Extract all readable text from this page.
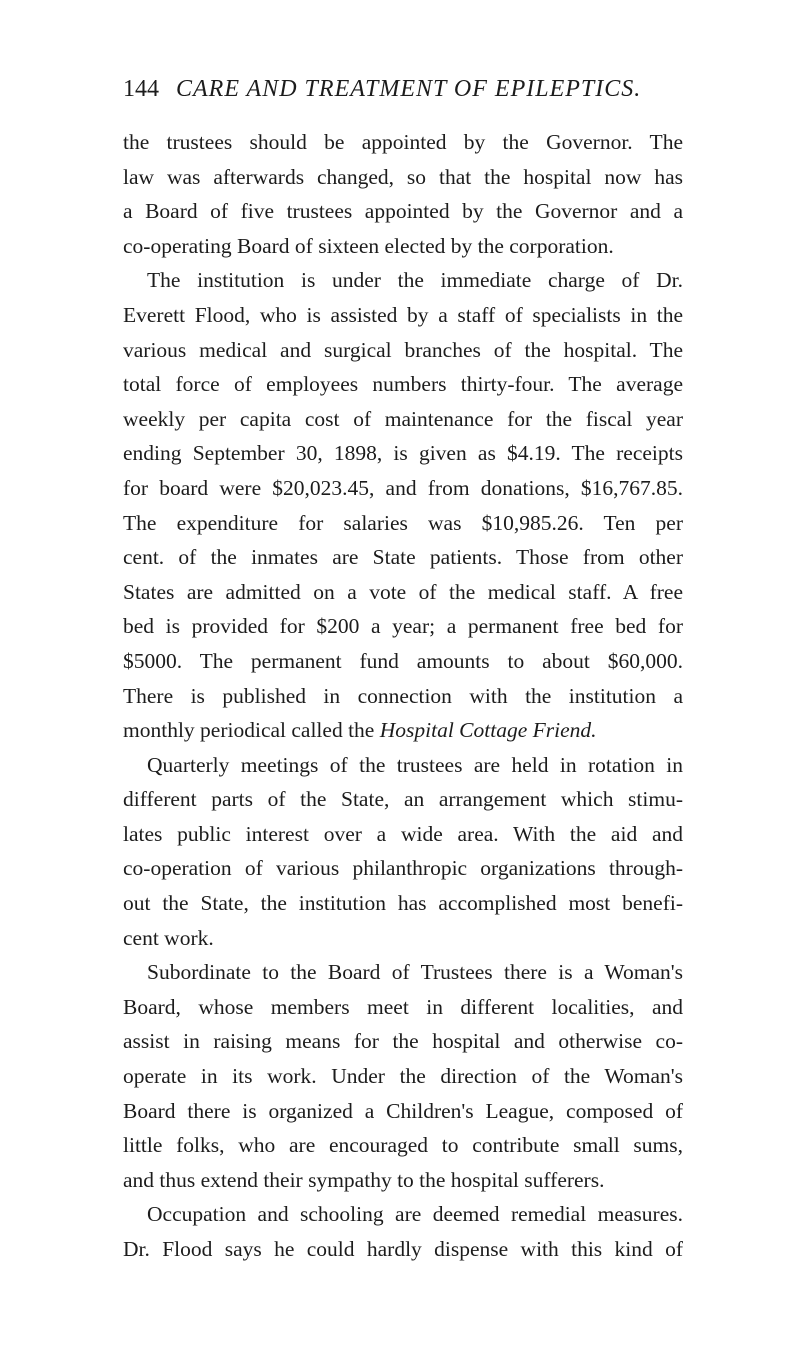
144 CARE AND TREATMENT OF EPILEPTICS.
the trustees should be appointed by the Governor. The
law was afterwards changed, so that the hospital now has
a Board of five trustees appointed by the Governor and a
co-operating Board of sixteen elected by the corporation.
The institution is under the immediate charge of Dr.
Everett Flood, who is assisted by a staff of specialists in the
various medical and surgical branches of the hospital. The
total force of employees numbers thirty-four. The average
weekly per capita cost of maintenance for the fiscal year
ending September 30, 1898, is given as $4.19. The receipts
for board were $20,023.45, and from donations, $16,767.85.
The expenditure for salaries was $10,985.26. Ten per
cent. of the inmates are State patients. Those from other
States are admitted on a vote of the medical staff. A free
bed is provided for $200 a year; a permanent free bed for
$5000. The permanent fund amounts to about $60,000.
There is published in connection with the institution a
monthly periodical called the Hospital Cottage Friend.
Quarterly meetings of the trustees are held in rotation in
different parts of the State, an arrangement which stimu-
lates public interest over a wide area. With the aid and
co-operation of various philanthropic organizations through-
out the State, the institution has accomplished most benefi-
cent work.
Subordinate to the Board of Trustees there is a Woman's
Board, whose members meet in different localities, and
assist in raising means for the hospital and otherwise co-
operate in its work. Under the direction of the Woman's
Board there is organized a Children's League, composed of
little folks, who are encouraged to contribute small sums,
and thus extend their sympathy to the hospital sufferers.
Occupation and schooling are deemed remedial measures.
Dr. Flood says he could hardly dispense with this kind of
